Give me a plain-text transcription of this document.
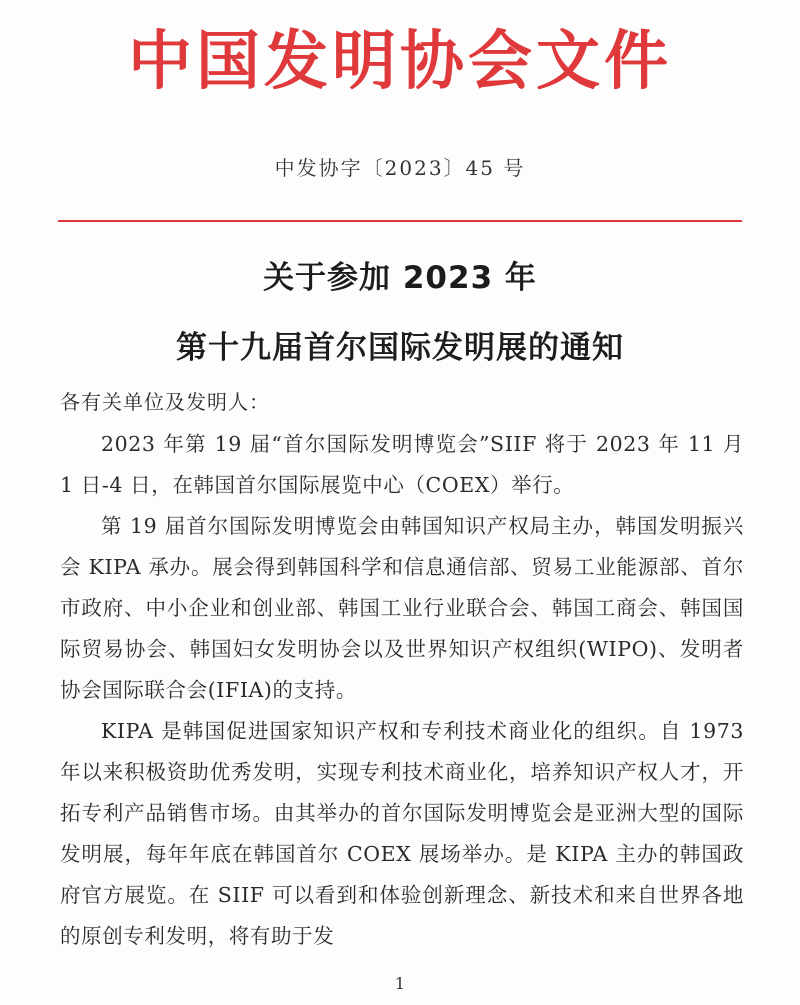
中国发明协会文件
中发协字〔2023〕45 号
关于参加 2023 年
第十九届首尔国际发明展的通知
各有关单位及发明人：

2023 年第 19 届“首尔国际发明博览会”SIIF 将于 2023 年 11 月 1 日-4 日，在韩国首尔国际展览中心（COEX）举行。

第 19 届首尔国际发明博览会由韩国知识产权局主办，韩国发明振兴会 KIPA 承办。展会得到韩国科学和信息通信部、贸易工业能源部、首尔市政府、中小企业和创业部、韩国工业行业联合会、韩国工商会、韩国国际贸易协会、韩国妇女发明协会以及世界知识产权组织(WIPO)、发明者协会国际联合会(IFIA)的支持。

KIPA 是韩国促进国家知识产权和专利技术商业化的组织。自 1973 年以来积极资助优秀发明，实现专利技术商业化，培养知识产权人才，开拓专利产品销售市场。由其举办的首尔国际发明博览会是亚洲大型的国际发明展，每年年底在韩国首尔 COEX 展场举办。是 KIPA 主办的韩国政府官方展览。在 SIIF 可以看到和体验创新理念、新技术和来自世界各地的原创专利发明，将有助于发

1
